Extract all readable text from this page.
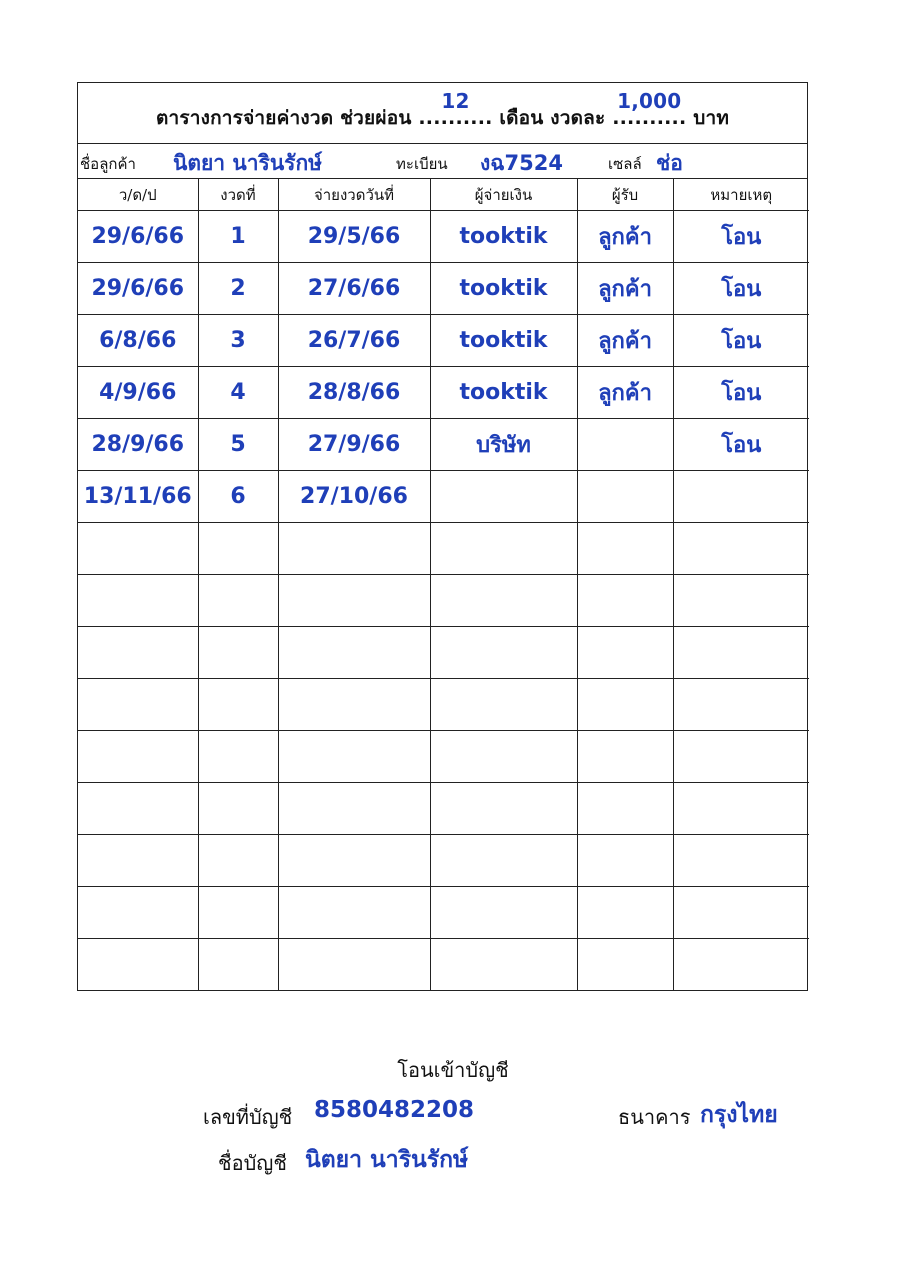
ตารางการจ่ายค่างวด ช่วยผ่อน ..........
12
เดือน งวดละ ..........
1,000
บาท
ชื่อลูกค้า นิตยา นารินรักษ์	ทะเบียน งฉ7524	เซลล์ ช่อ
ว/ด/ป	งวดที่	จ่ายงวดวันที่	ผู้จ่ายเงิน	ผู้รับ	หมายเหตุ
29/6/66	1	29/5/66	tooktik	ลูกค้า	โอน
29/6/66	2	27/6/66	tooktik	ลูกค้า	โอน
6/8/66	3	26/7/66	tooktik	ลูกค้า	โอน
4/9/66	4	28/8/66	tooktik	ลูกค้า	โอน
28/9/66	5	27/9/66	บริษัท		โอน
13/11/66	6	27/10/66			

โอนเข้าบัญชี
เลขที่บัญชี 8580482208	ธนาคาร กรุงไทย
ชื่อบัญชี นิตยา นารินรักษ์
